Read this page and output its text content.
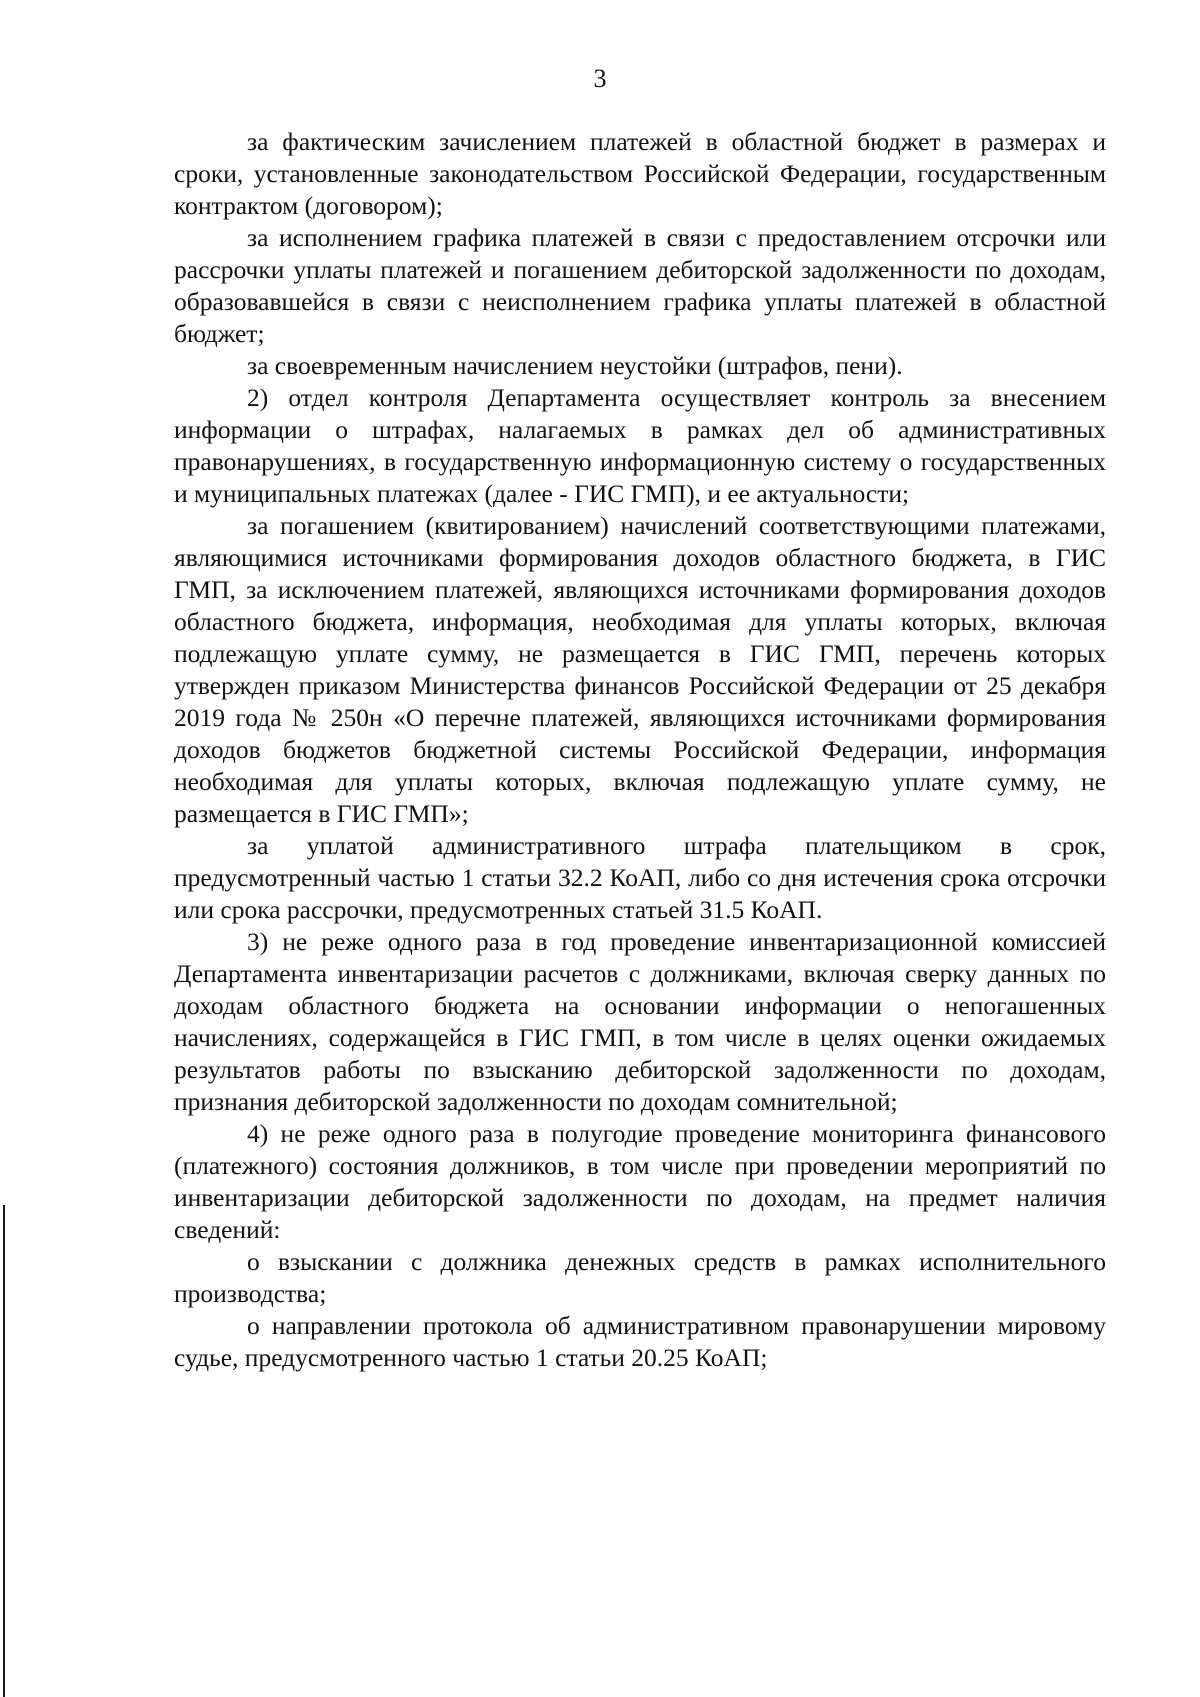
3

за фактическим зачислением платежей в областной бюджет в размерах и сроки, установленные законодательством Российской Федерации, государственным контрактом (договором);

за исполнением графика платежей в связи с предоставлением отсрочки или рассрочки уплаты платежей и погашением дебиторской задолженности по доходам, образовавшейся в связи с неисполнением графика уплаты платежей в областной бюджет;

за своевременным начислением неустойки (штрафов, пени).

2) отдел контроля Департамента осуществляет контроль за внесением информации о штрафах, налагаемых в рамках дел об административных правонарушениях, в государственную информационную систему о государственных и муниципальных платежах (далее - ГИС ГМП), и ее актуальности;

за погашением (квитированием) начислений соответствующими платежами, являющимися источниками формирования доходов областного бюджета, в ГИС ГМП, за исключением платежей, являющихся источниками формирования доходов областного бюджета, информация, необходимая для уплаты которых, включая подлежащую уплате сумму, не размещается в ГИС ГМП, перечень которых утвержден приказом Министерства финансов Российской Федерации от 25 декабря 2019 года № 250н «О перечне платежей, являющихся источниками формирования доходов бюджетов бюджетной системы Российской Федерации, информация необходимая для уплаты которых, включая подлежащую уплате сумму, не размещается в ГИС ГМП»;

за уплатой административного штрафа плательщиком в срок, предусмотренный частью 1 статьи 32.2 КоАП, либо со дня истечения срока отсрочки или срока рассрочки, предусмотренных статьей 31.5 КоАП.

3) не реже одного раза в год проведение инвентаризационной комиссией Департамента инвентаризации расчетов с должниками, включая сверку данных по доходам областного бюджета на основании информации о непогашенных начислениях, содержащейся в ГИС ГМП, в том числе в целях оценки ожидаемых результатов работы по взысканию дебиторской задолженности по доходам, признания дебиторской задолженности по доходам сомнительной;

4) не реже одного раза в полугодие проведение мониторинга финансового (платежного) состояния должников, в том числе при проведении мероприятий по инвентаризации дебиторской задолженности по доходам, на предмет наличия сведений:

о взыскании с должника денежных средств в рамках исполнительного производства;

о направлении протокола об административном правонарушении мировому судье, предусмотренного частью 1 статьи 20.25 КоАП;
